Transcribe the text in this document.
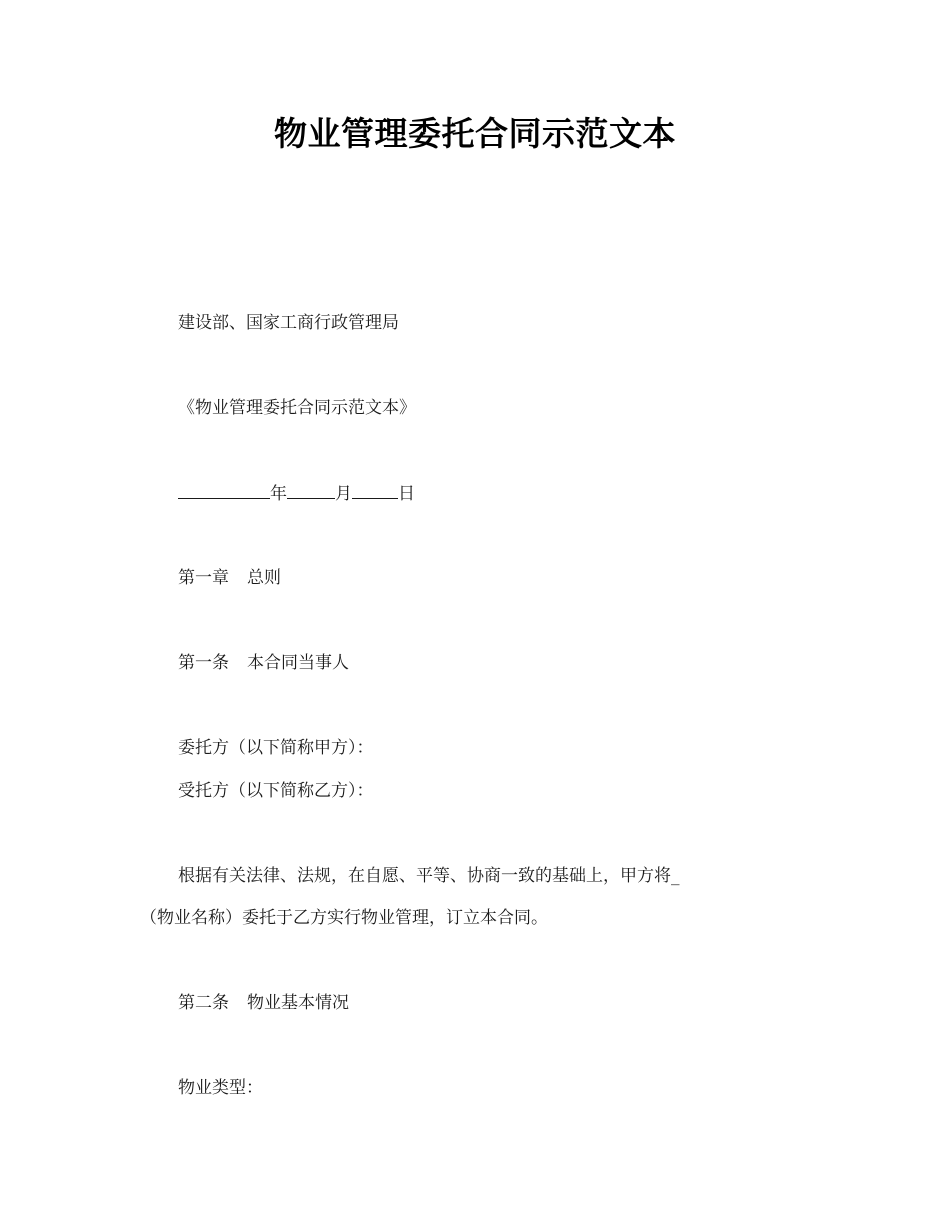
物业管理委托合同示范文本
建设部、国家工商行政管理局
《物业管理委托合同示范文本》
年	月	日
第一章 总则
第一条 本合同当事人
委托方（以下简称甲方）：
受托方（以下简称乙方）：
根据有关法律、法规，在自愿、平等、协商一致的基础上，甲方将_
（物业名称）委托于乙方实行物业管理，订立本合同。
第二条 物业基本情况
物业类型：
